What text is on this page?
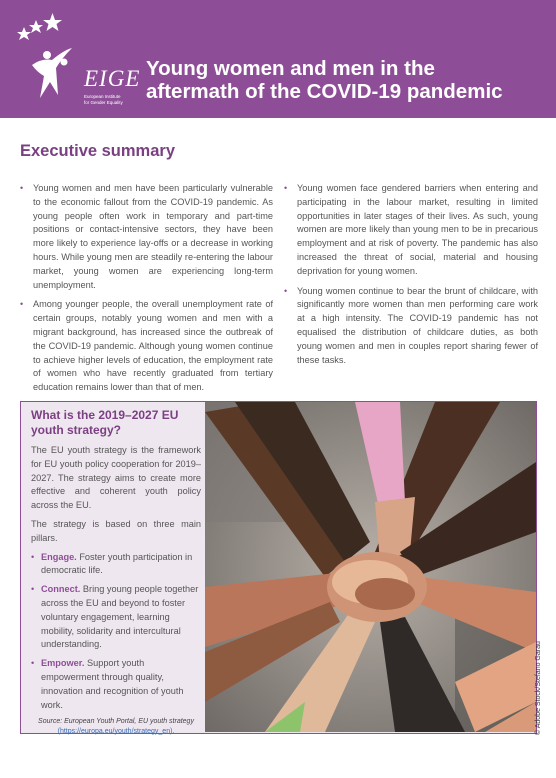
EIGE
European Institute
for Gender Equality
Young women and men in the
aftermath of the COVID-19 pandemic
Executive summary
• Young women and men have been particularly vulnerable to the economic fallout from the COVID-19 pandemic. As young people often work in temporary and part-time positions or contact-intensive sectors, they have been more likely to experience lay-offs or a decrease in working hours. While young men are steadily re-entering the labour market, young women are experiencing long-term unemployment.
• Among younger people, the overall unemployment rate of certain groups, notably young women and men with a migrant background, has increased since the outbreak of the COVID-19 pandemic. Although young women continue to achieve higher levels of education, the employment rate of women who have recently graduated from tertiary education remains lower than that of men.
• Young women face gendered barriers when entering and participating in the labour market, resulting in limited opportunities in later stages of their lives. As such, young women are more likely than young men to be in precarious employment and at risk of poverty. The pandemic has also increased the threat of social, material and housing deprivation for young women.
• Young women continue to bear the brunt of childcare, with significantly more women than men performing care work at a high intensity. The COVID-19 pandemic has not equalised the distribution of childcare duties, as both young women and men in couples report sharing fewer of these tasks.
What is the 2019–2027 EU youth strategy?

The EU youth strategy is the framework for EU youth policy cooperation for 2019–2027. The strategy aims to create more effective and coherent youth policy across the EU.

The strategy is based on three main pillars.

• Engage. Foster youth participation in democratic life.
• Connect. Bring young people together across the EU and beyond to foster voluntary engagement, learning mobility, solidarity and intercultural understanding.
• Empower. Support youth empowerment through quality, innovation and recognition of youth work.
Source: European Youth Portal, EU youth strategy
(https://europa.eu/youth/strategy_en).	© Adobe Stock/Stefano Garau
